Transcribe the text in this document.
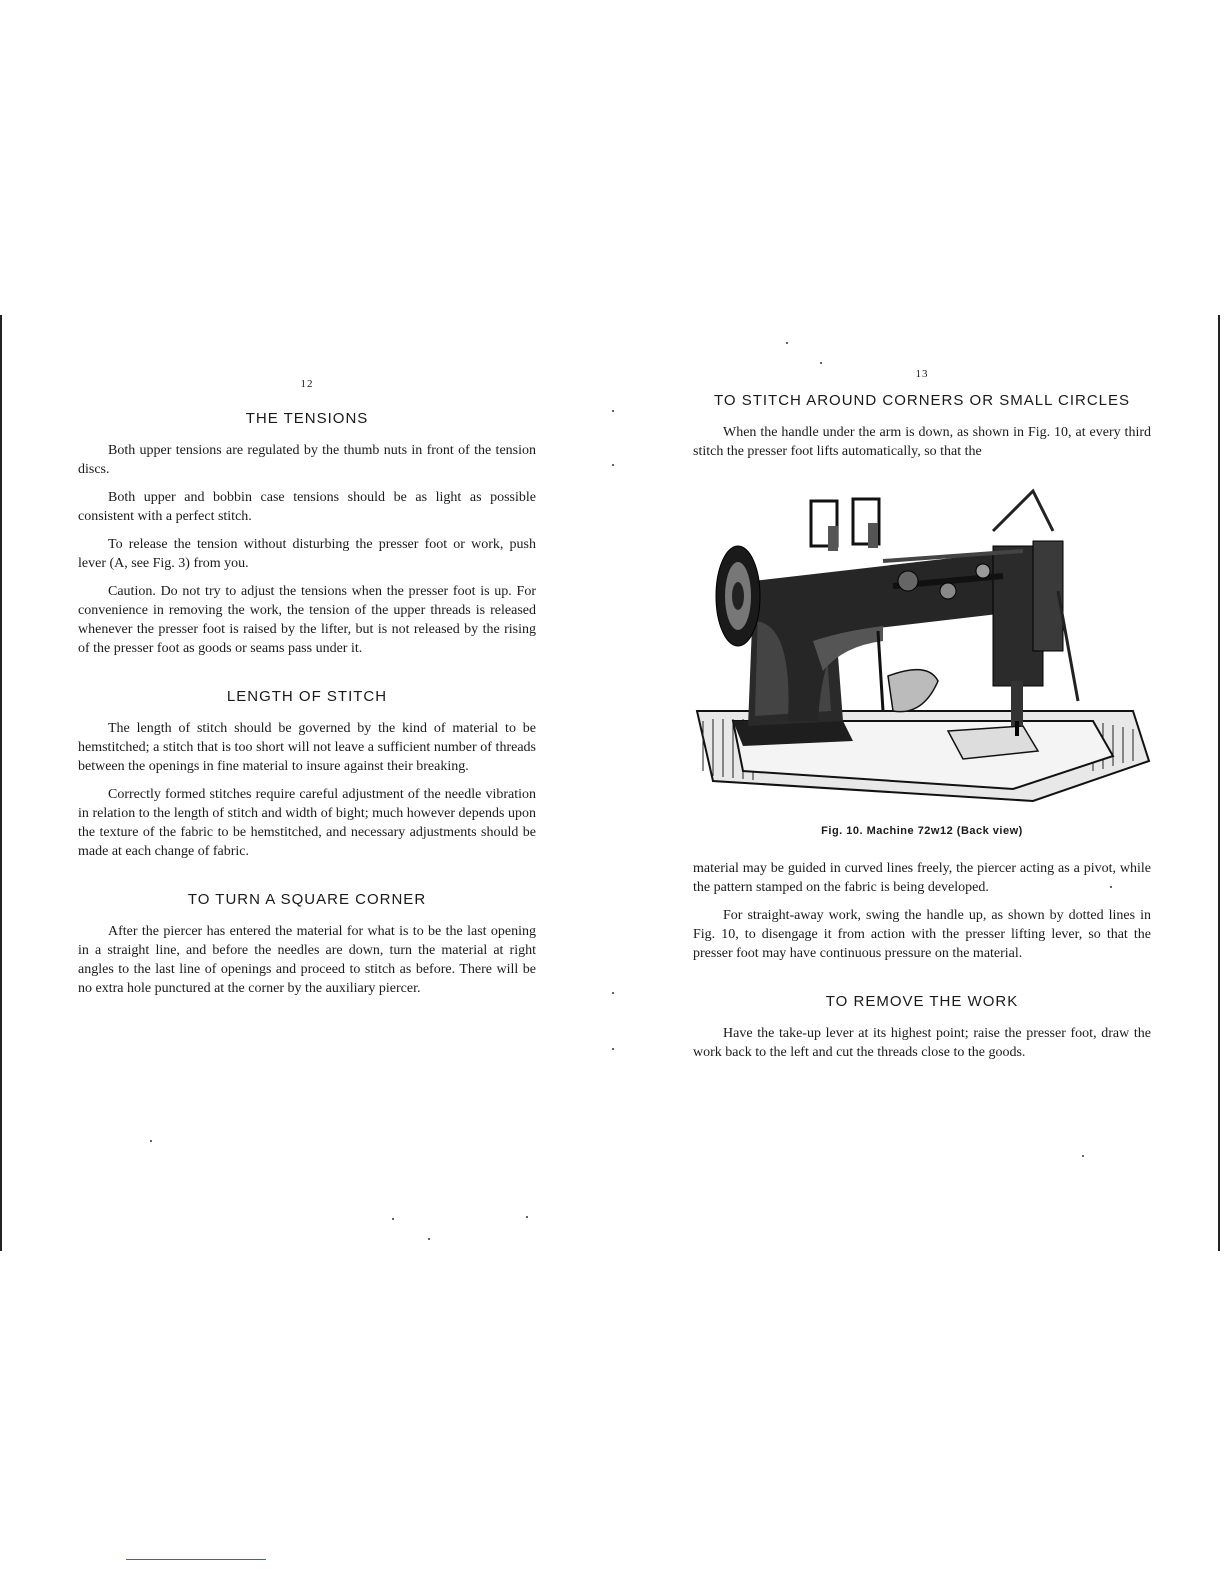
12
THE TENSIONS

Both upper tensions are regulated by the thumb nuts in front of the tension discs.

Both upper and bobbin case tensions should be as light as possible consistent with a perfect stitch.

To release the tension without disturbing the presser foot or work, push lever (A, see Fig. 3) from you.

Caution. Do not try to adjust the tensions when the presser foot is up. For convenience in removing the work, the tension of the upper threads is released whenever the presser foot is raised by the lifter, but is not released by the rising of the presser foot as goods or seams pass under it.

LENGTH OF STITCH

The length of stitch should be governed by the kind of material to be hemstitched; a stitch that is too short will not leave a sufficient number of threads between the openings in fine material to insure against their breaking.

Correctly formed stitches require careful adjustment of the needle vibration in relation to the length of stitch and width of bight; much however depends upon the texture of the fabric to be hemstitched, and necessary adjustments should be made at each change of fabric.

TO TURN A SQUARE CORNER

After the piercer has entered the material for what is to be the last opening in a straight line, and before the needles are down, turn the material at right angles to the last line of openings and proceed to stitch as before. There will be no extra hole punctured at the corner by the auxiliary piercer.

13
TO STITCH AROUND CORNERS OR SMALL CIRCLES

When the handle under the arm is down, as shown in Fig. 10, at every third stitch the presser foot lifts automatically, so that the

Fig. 10. Machine 72w12 (Back view)

material may be guided in curved lines freely, the piercer acting as a pivot, while the pattern stamped on the fabric is being developed.

For straight-away work, swing the handle up, as shown by dotted lines in Fig. 10, to disengage it from action with the presser lifting lever, so that the presser foot may have continuous pressure on the material.

TO REMOVE THE WORK

Have the take-up lever at its highest point; raise the presser foot, draw the work back to the left and cut the threads close to the goods.
